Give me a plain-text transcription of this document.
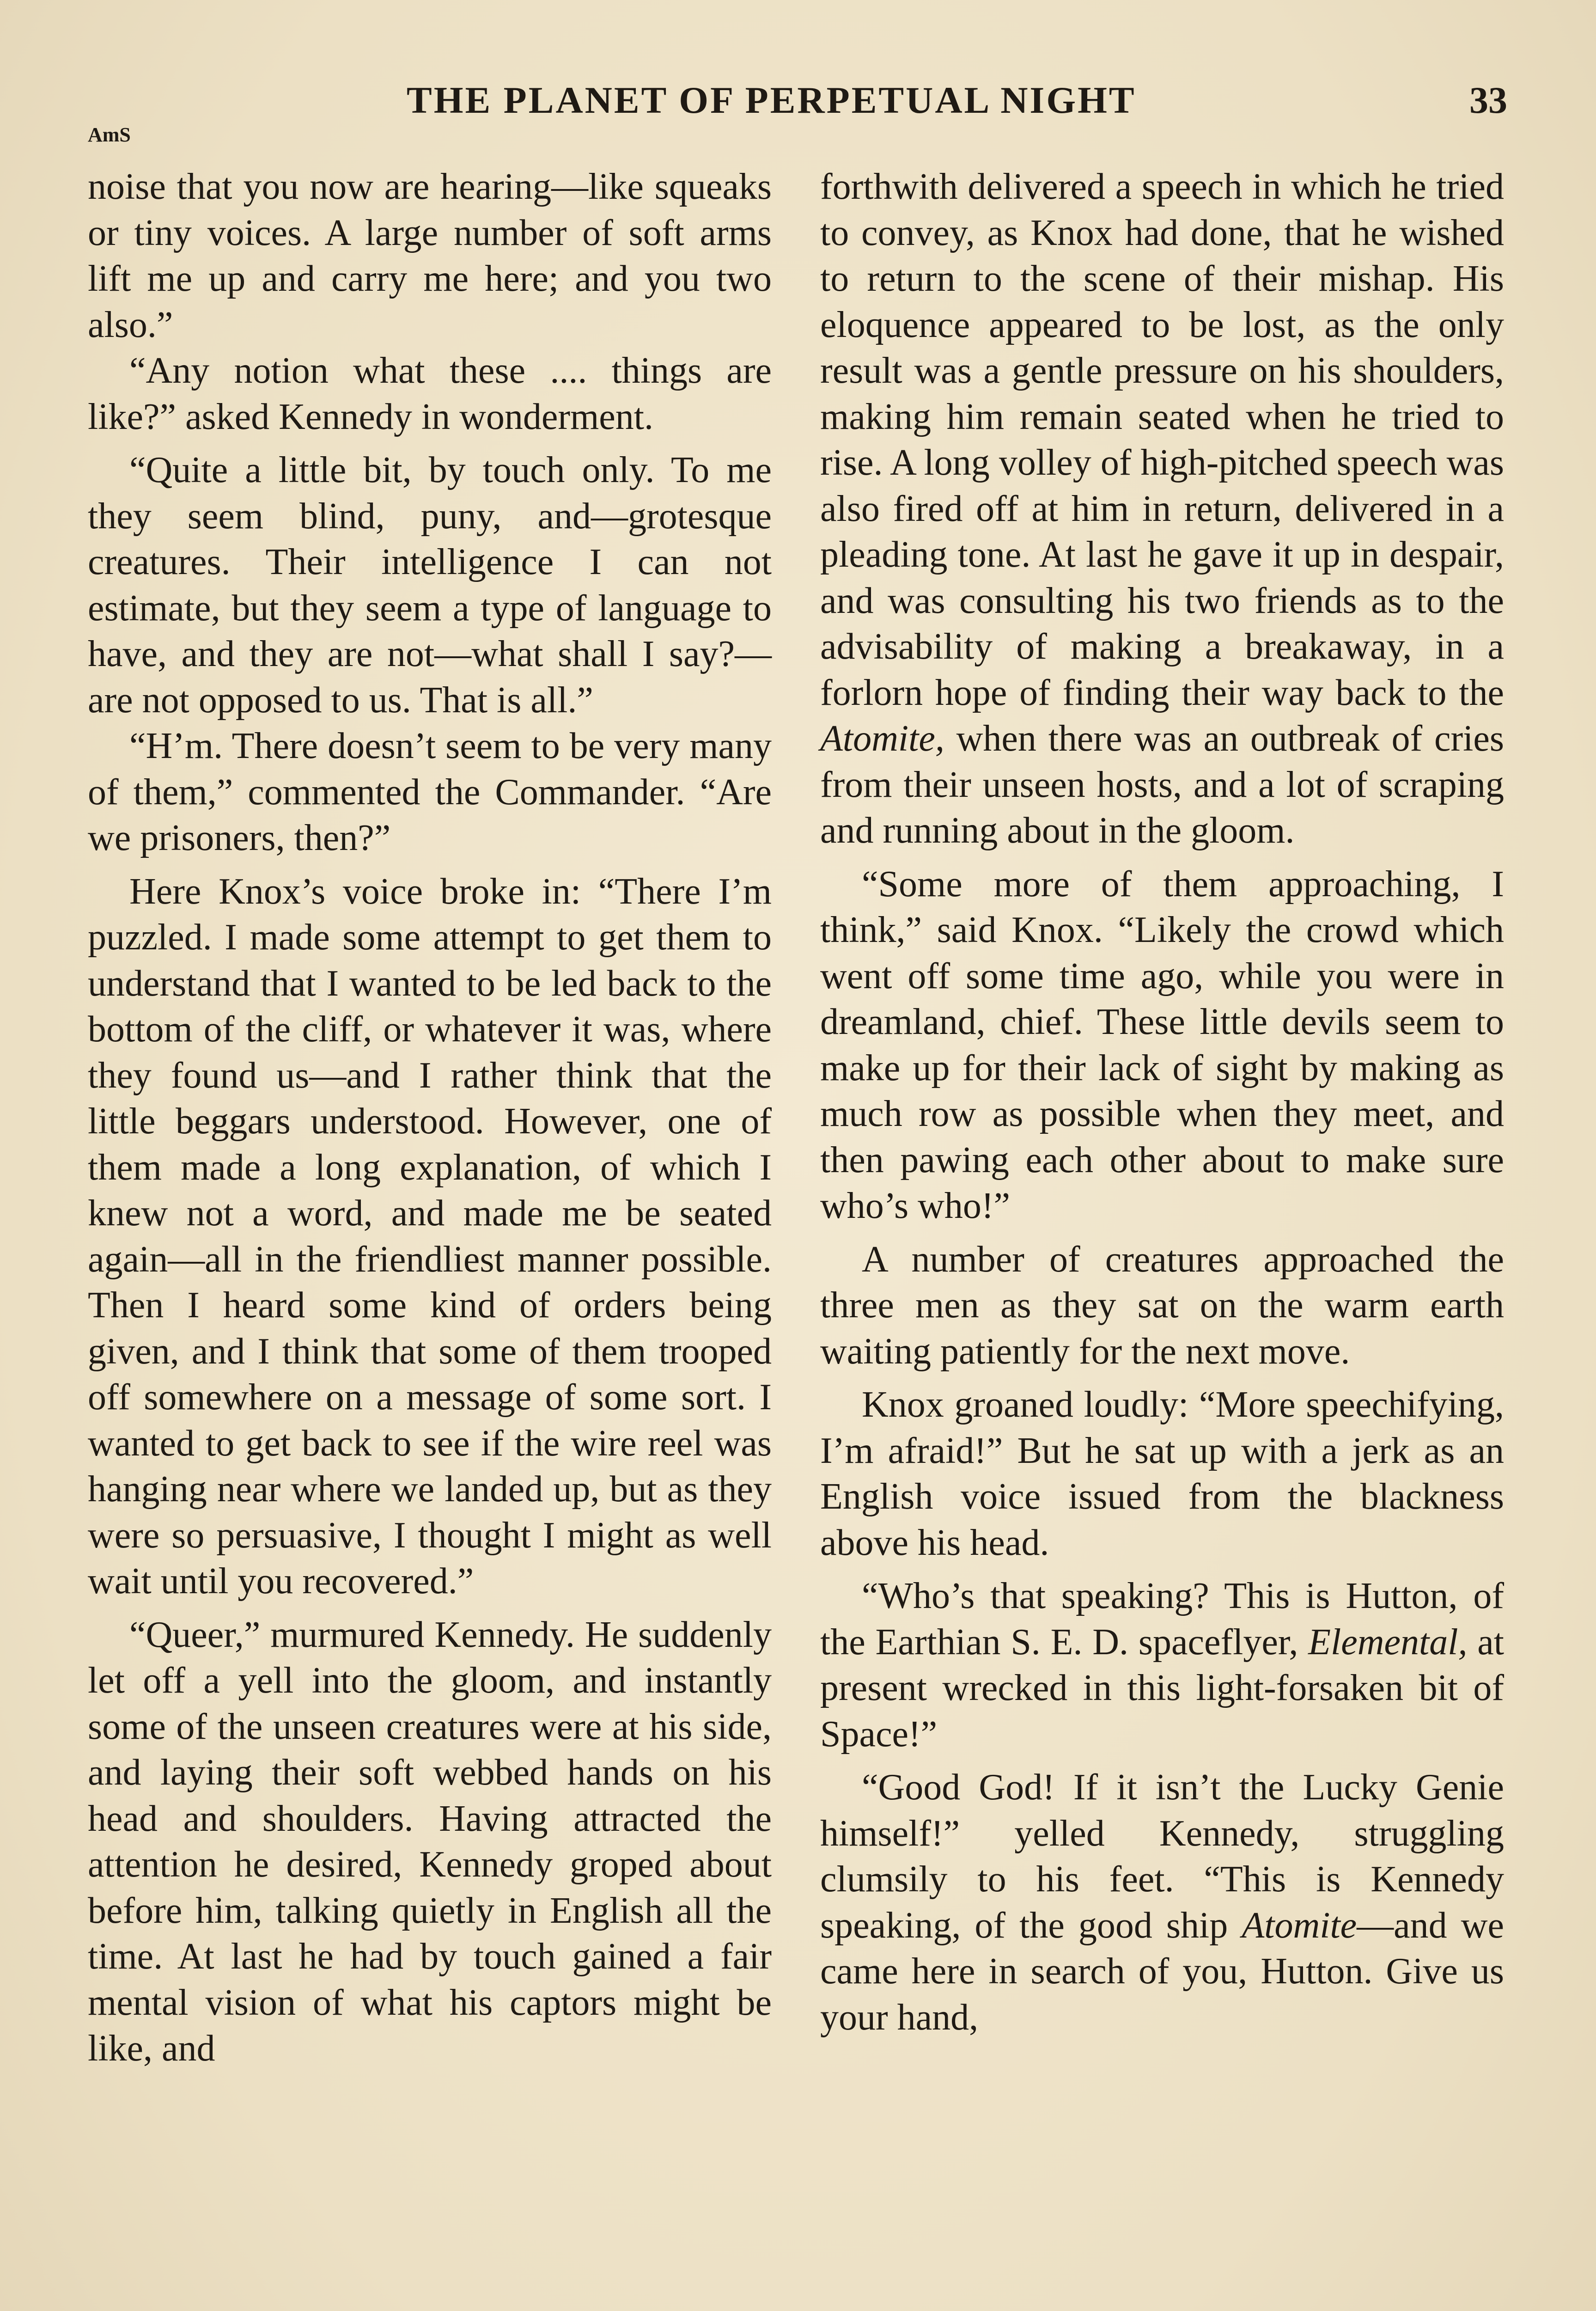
THE PLANET OF PERPETUAL NIGHT	33
AmS

noise that you now are hearing—like squeaks or tiny voices. A large number of soft arms lift me up and carry me here; and you two also.”

“Any notion what these .... things are like?” asked Kennedy in wonderment.

“Quite a little bit, by touch only. To me they seem blind, puny, and—grotesque creatures. Their intelligence I can not estimate, but they seem a type of language to have, and they are not—what shall I say?—are not opposed to us. That is all.”

“H’m. There doesn’t seem to be very many of them,” commented the Commander. “Are we prisoners, then?”

Here Knox’s voice broke in: “There I’m puzzled. I made some attempt to get them to understand that I wanted to be led back to the bottom of the cliff, or whatever it was, where they found us—and I rather think that the little beggars understood. However, one of them made a long explanation, of which I knew not a word, and made me be seated again—all in the friendliest manner possible. Then I heard some kind of orders being given, and I think that some of them trooped off somewhere on a message of some sort. I wanted to get back to see if the wire reel was hanging near where we landed up, but as they were so persuasive, I thought I might as well wait until you recovered.”

“Queer,” murmured Kennedy. He suddenly let off a yell into the gloom, and instantly some of the unseen creatures were at his side, and laying their soft webbed hands on his head and shoulders. Having attracted the attention he desired, Kennedy groped about before him, talking quietly in English all the time. At last he had by touch gained a fair mental vision of what his captors might be like, and

forthwith delivered a speech in which he tried to convey, as Knox had done, that he wished to return to the scene of their mishap. His eloquence appeared to be lost, as the only result was a gentle pressure on his shoulders, making him remain seated when he tried to rise. A long volley of high-pitched speech was also fired off at him in return, delivered in a pleading tone. At last he gave it up in despair, and was consulting his two friends as to the advisability of making a breakaway, in a forlorn hope of finding their way back to the Atomite, when there was an outbreak of cries from their unseen hosts, and a lot of scraping and running about in the gloom.

“Some more of them approaching, I think,” said Knox. “Likely the crowd which went off some time ago, while you were in dreamland, chief. These little devils seem to make up for their lack of sight by making as much row as possible when they meet, and then pawing each other about to make sure who’s who!”

A number of creatures approached the three men as they sat on the warm earth waiting patiently for the next move.

Knox groaned loudly: “More speechifying, I’m afraid!” But he sat up with a jerk as an English voice issued from the blackness above his head.

“Who’s that speaking? This is Hutton, of the Earthian S. E. D. spaceflyer, Elemental, at present wrecked in this light-forsaken bit of Space!”

“Good God! If it isn’t the Lucky Genie himself!” yelled Kennedy, struggling clumsily to his feet. “This is Kennedy speaking, of the good ship Atomite—and we came here in search of you, Hutton. Give us your hand,
